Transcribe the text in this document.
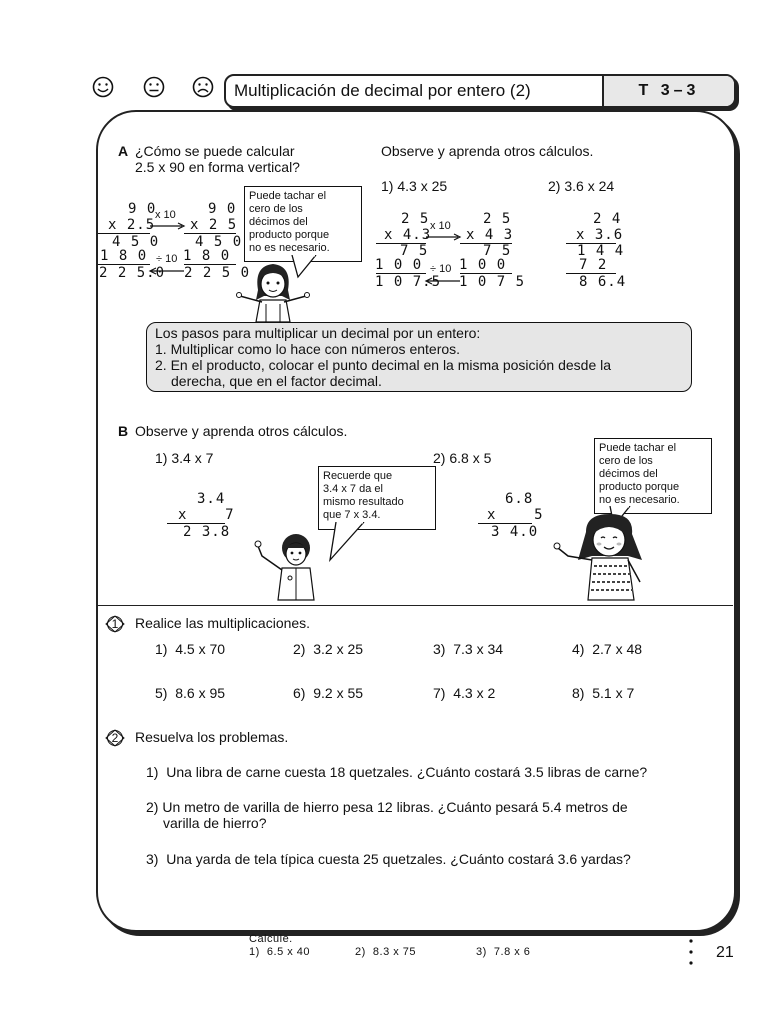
Multiplicación de decimal por entero (2)	T 3–3
A ¿Cómo se puede calcular
2.5 x 90 en forma vertical?
9 0
x 2.5
4 5 0
1 8 0
2 2 5.0
x 10
÷ 10
9 0
x 2 5
4 5 0
1 8 0
2 2 5 0
Puede tachar el
cero de los
décimos del
producto porque
no es necesario.
Observe y aprenda otros cálculos.
1) 4.3 x 25	2) 3.6 x 24
2 5
x 4.3
7 5
1 0 0
1 0 7.5
x 10
÷ 10
2 5
x 4 3
7 5
1 0 0
1 0 7 5
2 4
x 3.6
1 4 4
7 2
8 6.4
Los pasos para multiplicar un decimal por un entero:
1. Multiplicar como lo hace con números enteros.
2. En el producto, colocar el punto decimal en la misma posición desde la
derecha, que en el factor decimal.
B Observe y aprenda otros cálculos.
1) 3.4 x 7
3.4
x    7
2 3.8
Recuerde que
3.4 x 7 da el
mismo resultado
que 7 x 3.4.
2) 6.8 x 5
6.8
x    5
3 4.0
Puede tachar el
cero de los
décimos del
producto porque
no es necesario.
1	Realice las multiplicaciones.
1)  4.5 x 70	2)  3.2 x 25	3)  7.3 x 34	4)  2.7 x 48
5)  8.6 x 95	6)  9.2 x 55	7)  4.3 x 2	8)  5.1 x 7
2	Resuelva los problemas.
1)  Una libra de carne cuesta 18 quetzales. ¿Cuánto costará 3.5 libras de carne?
2) Un metro de varilla de hierro pesa 12 libras. ¿Cuánto pesará 5.4 metros de
varilla de hierro?
3)  Una yarda de tela típica cuesta 25 quetzales. ¿Cuánto costará 3.6 yardas?
Calcule.
1)  6.5 x 40	2)  8.3 x 75	3)  7.8 x 6	21
